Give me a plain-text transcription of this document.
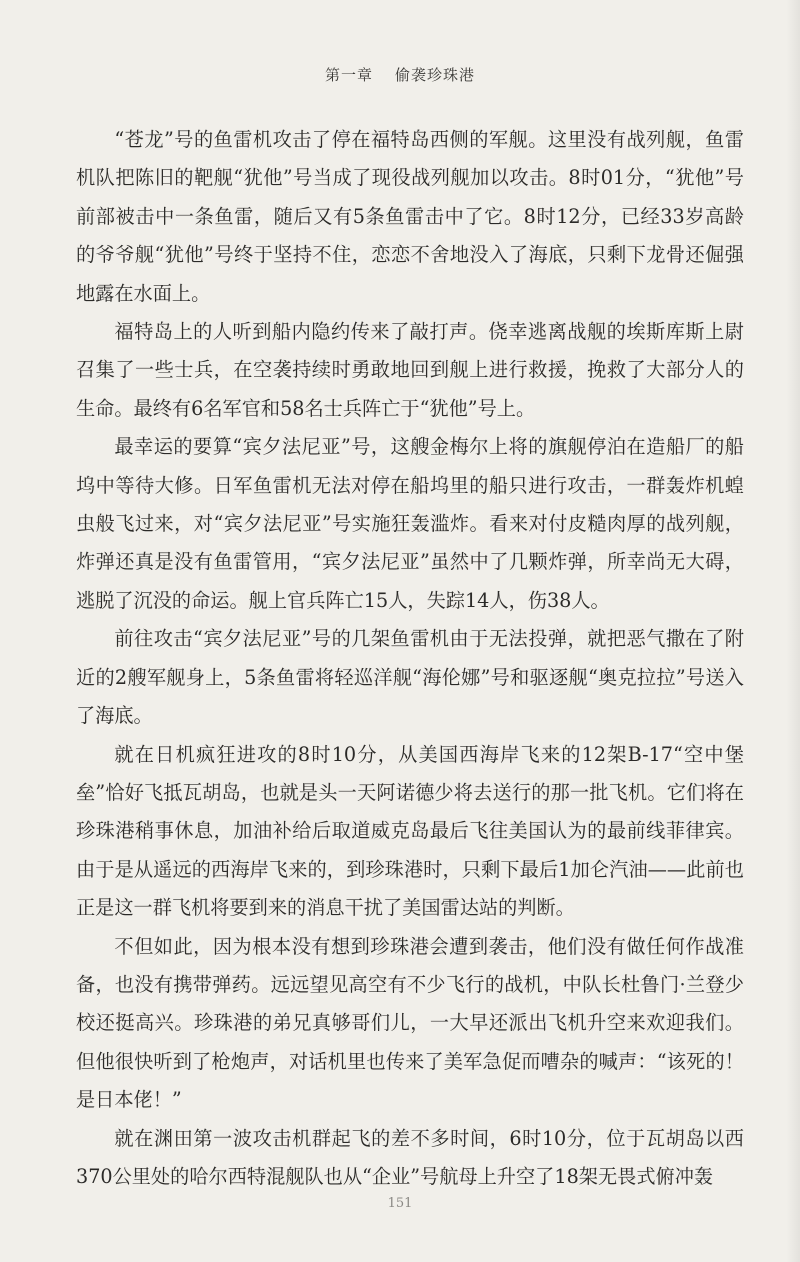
第一章 偷袭珍珠港

“苍龙”号的鱼雷机攻击了停在福特岛西侧的军舰。这里没有战列舰，鱼雷机队把陈旧的靶舰“犹他”号当成了现役战列舰加以攻击。8时01分，“犹他”号前部被击中一条鱼雷，随后又有5条鱼雷击中了它。8时12分，已经33岁高龄的爷爷舰“犹他”号终于坚持不住，恋恋不舍地没入了海底，只剩下龙骨还倔强地露在水面上。

福特岛上的人听到船内隐约传来了敲打声。侥幸逃离战舰的埃斯库斯上尉召集了一些士兵，在空袭持续时勇敢地回到舰上进行救援，挽救了大部分人的生命。最终有6名军官和58名士兵阵亡于“犹他”号上。

最幸运的要算“宾夕法尼亚”号，这艘金梅尔上将的旗舰停泊在造船厂的船坞中等待大修。日军鱼雷机无法对停在船坞里的船只进行攻击，一群轰炸机蝗虫般飞过来，对“宾夕法尼亚”号实施狂轰滥炸。看来对付皮糙肉厚的战列舰，炸弹还真是没有鱼雷管用，“宾夕法尼亚”虽然中了几颗炸弹，所幸尚无大碍，逃脱了沉没的命运。舰上官兵阵亡15人，失踪14人，伤38人。

前往攻击“宾夕法尼亚”号的几架鱼雷机由于无法投弹，就把恶气撒在了附近的2艘军舰身上，5条鱼雷将轻巡洋舰“海伦娜”号和驱逐舰“奥克拉拉”号送入了海底。

就在日机疯狂进攻的8时10分，从美国西海岸飞来的12架B-17“空中堡垒”恰好飞抵瓦胡岛，也就是头一天阿诺德少将去送行的那一批飞机。它们将在珍珠港稍事休息，加油补给后取道威克岛最后飞往美国认为的最前线菲律宾。由于是从遥远的西海岸飞来的，到珍珠港时，只剩下最后1加仑汽油——此前也正是这一群飞机将要到来的消息干扰了美国雷达站的判断。

不但如此，因为根本没有想到珍珠港会遭到袭击，他们没有做任何作战准备，也没有携带弹药。远远望见高空有不少飞行的战机，中队长杜鲁门·兰登少校还挺高兴。珍珠港的弟兄真够哥们儿，一大早还派出飞机升空来欢迎我们。但他很快听到了枪炮声，对话机里也传来了美军急促而嘈杂的喊声：“该死的！是日本佬！”

就在渊田第一波攻击机群起飞的差不多时间，6时10分，位于瓦胡岛以西370公里处的哈尔西特混舰队也从“企业”号航母上升空了18架无畏式俯冲轰

151
